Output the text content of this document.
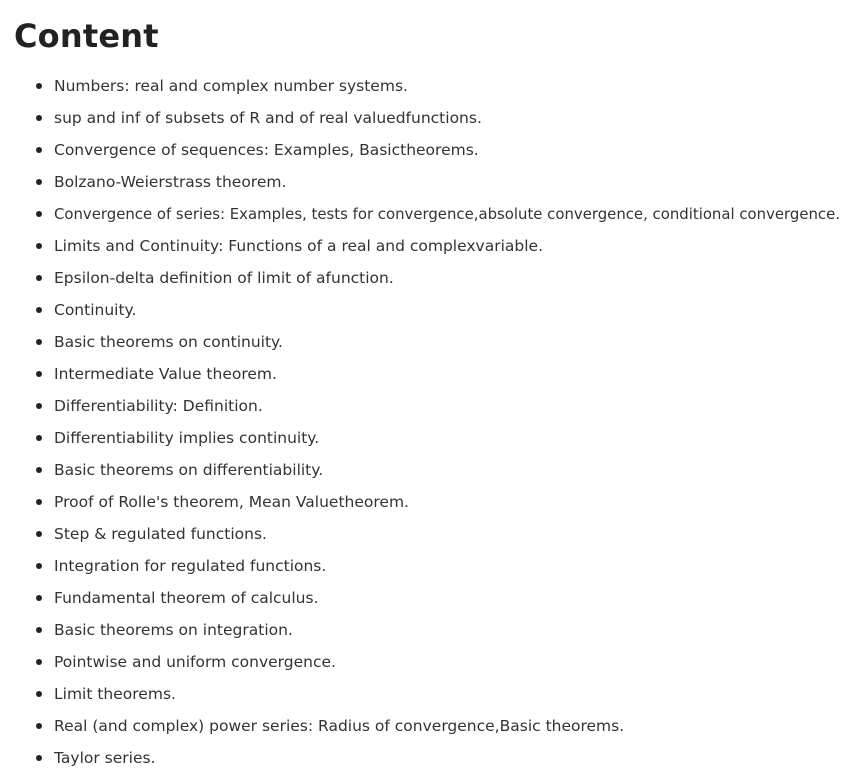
Content
Numbers: real and complex number systems.
sup and inf of subsets of R and of real valuedfunctions.
Convergence of sequences: Examples, Basictheorems.
Bolzano-Weierstrass theorem.
Convergence of series: Examples, tests for convergence,absolute convergence, conditional convergence.
Limits and Continuity: Functions of a real and complexvariable.
Epsilon-delta definition of limit of afunction.
Continuity.
Basic theorems on continuity.
Intermediate Value theorem.
Differentiability: Definition.
Differentiability implies continuity.
Basic theorems on differentiability.
Proof of Rolle's theorem, Mean Valuetheorem.
Step & regulated functions.
Integration for regulated functions.
Fundamental theorem of calculus.
Basic theorems on integration.
Pointwise and uniform convergence.
Limit theorems.
Real (and complex) power series: Radius of convergence,Basic theorems.
Taylor series.
